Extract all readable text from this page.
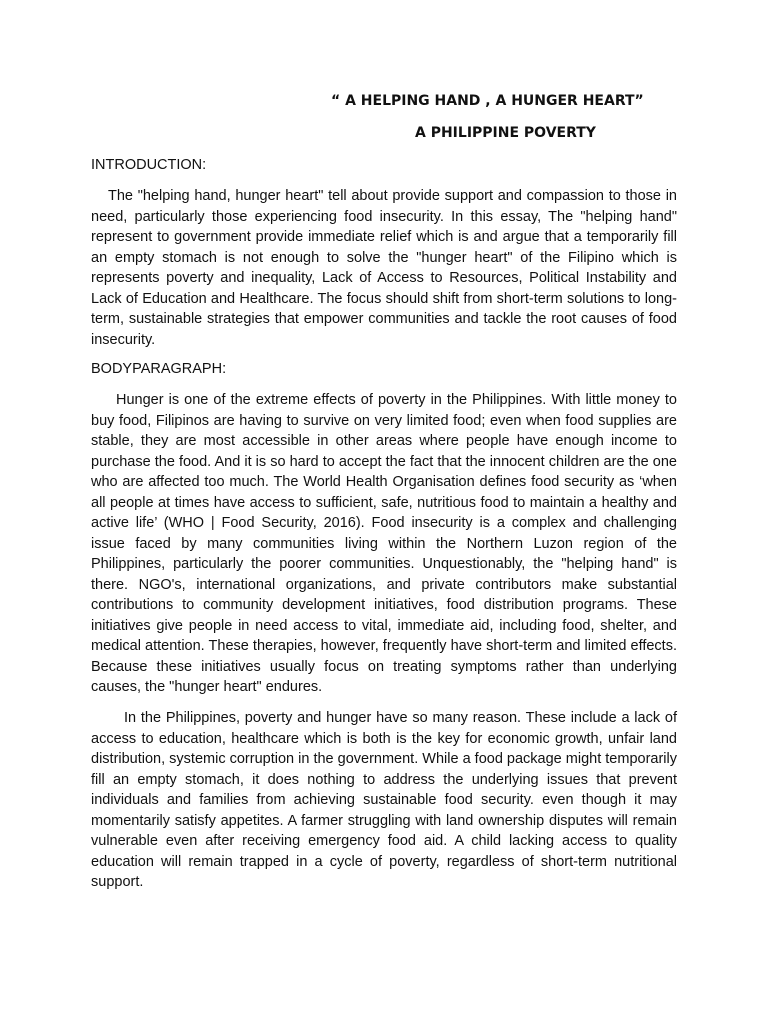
“ A HELPING HAND , A HUNGER HEART”
A PHILIPPINE POVERTY
INTRODUCTION:

The "helping hand, hunger heart" tell about provide support and compassion to those in need, particularly those experiencing food insecurity. In this essay, The "helping hand" represent to government provide immediate relief which is and argue that a temporarily fill an empty stomach is not enough to solve the "hunger heart" of the Filipino which is represents poverty and inequality, Lack of Access to Resources, Political Instability and Lack of Education and Healthcare. The focus should shift from short-term solutions to long-term, sustainable strategies that empower communities and tackle the root causes of food insecurity.

BODYPARAGRAPH:

Hunger is one of the extreme effects of poverty in the Philippines. With little money to buy food, Filipinos are having to survive on very limited food; even when food supplies are stable, they are most accessible in other areas where people have enough income to purchase the food. And it is so hard to accept the fact that the innocent children are the one who are affected too much. The World Health Organisation defines food security as ‘when all people at times have access to sufficient, safe, nutritious food to maintain a healthy and active life’ (WHO | Food Security, 2016). Food insecurity is a complex and challenging issue faced by many communities living within the Northern Luzon region of the Philippines, particularly the poorer communities. Unquestionably, the "helping hand" is there. NGO's, international organizations, and private contributors make substantial contributions to community development initiatives, food distribution programs. These initiatives give people in need access to vital, immediate aid, including food, shelter, and medical attention. These therapies, however, frequently have short-term and limited effects. Because these initiatives usually focus on treating symptoms rather than underlying causes, the "hunger heart" endures.

In the Philippines, poverty and hunger have so many reason. These include a lack of access to education, healthcare which is both is the key for economic growth, unfair land distribution, systemic corruption in the government. While a food package might temporarily fill an empty stomach, it does nothing to address the underlying issues that prevent individuals and families from achieving sustainable food security. even though it may momentarily satisfy appetites. A farmer struggling with land ownership disputes will remain vulnerable even after receiving emergency food aid. A child lacking access to quality education will remain trapped in a cycle of poverty, regardless of short-term nutritional support.
